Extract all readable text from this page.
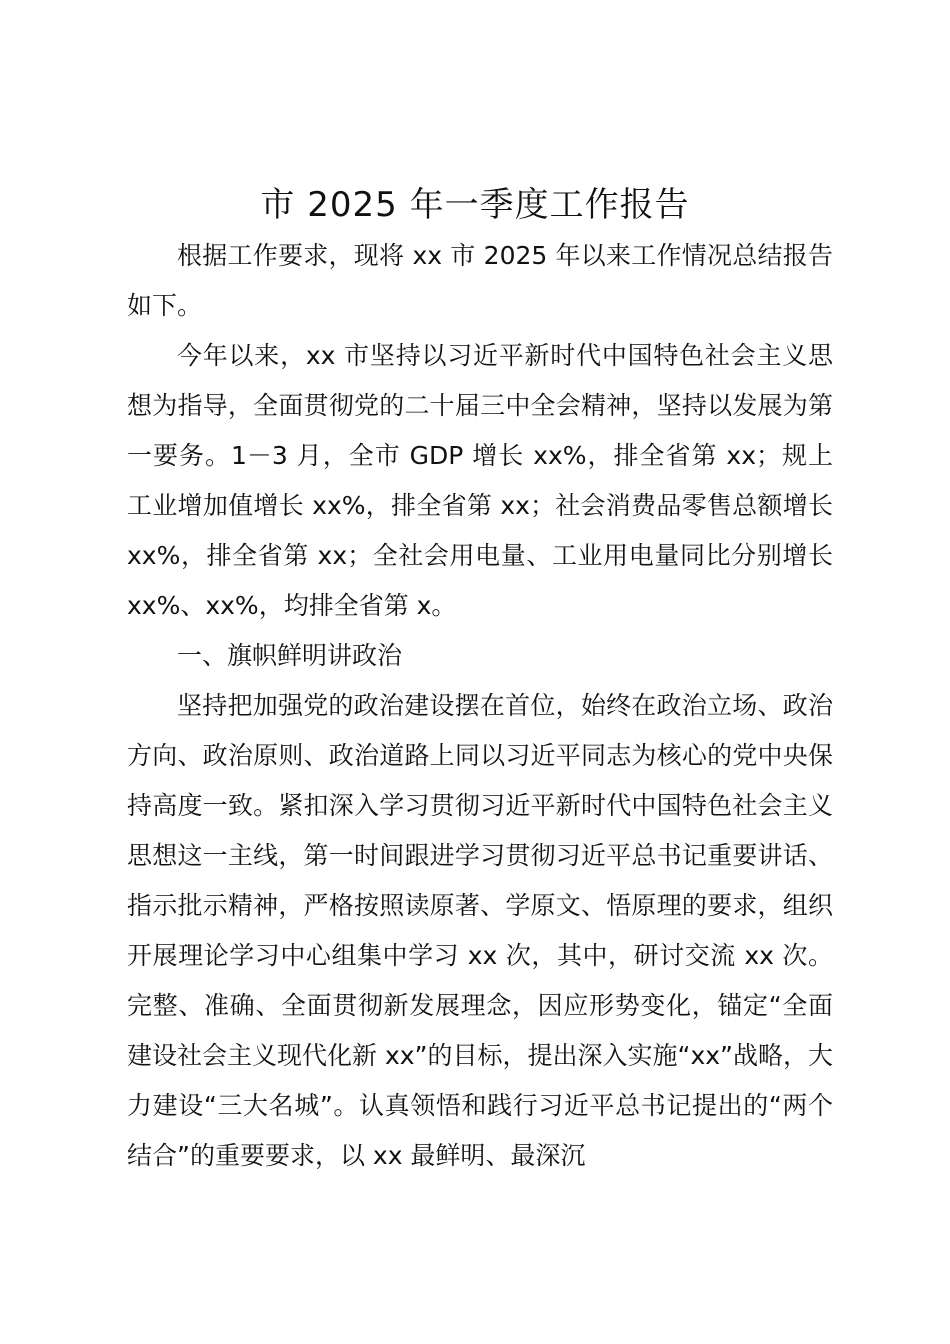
市 2025 年一季度工作报告

根据工作要求，现将 xx 市 2025 年以来工作情况总结报告如下。

今年以来，xx 市坚持以习近平新时代中国特色社会主义思想为指导，全面贯彻党的二十届三中全会精神，坚持以发展为第一要务。1－3 月，全市 GDP 增长 xx%，排全省第 xx；规上工业增加值增长 xx%，排全省第 xx；社会消费品零售总额增长 xx%，排全省第 xx；全社会用电量、工业用电量同比分别增长 xx%、xx%，均排全省第 x。

一、旗帜鲜明讲政治

坚持把加强党的政治建设摆在首位，始终在政治立场、政治方向、政治原则、政治道路上同以习近平同志为核心的党中央保持高度一致。紧扣深入学习贯彻习近平新时代中国特色社会主义思想这一主线，第一时间跟进学习贯彻习近平总书记重要讲话、指示批示精神，严格按照读原著、学原文、悟原理的要求，组织开展理论学习中心组集中学习 xx 次，其中，研讨交流 xx 次。完整、准确、全面贯彻新发展理念，因应形势变化，锚定“全面建设社会主义现代化新 xx”的目标，提出深入实施“xx”战略，大力建设“三大名城”。认真领悟和践行习近平总书记提出的“两个结合”的重要要求，以 xx 最鲜明、最深沉
